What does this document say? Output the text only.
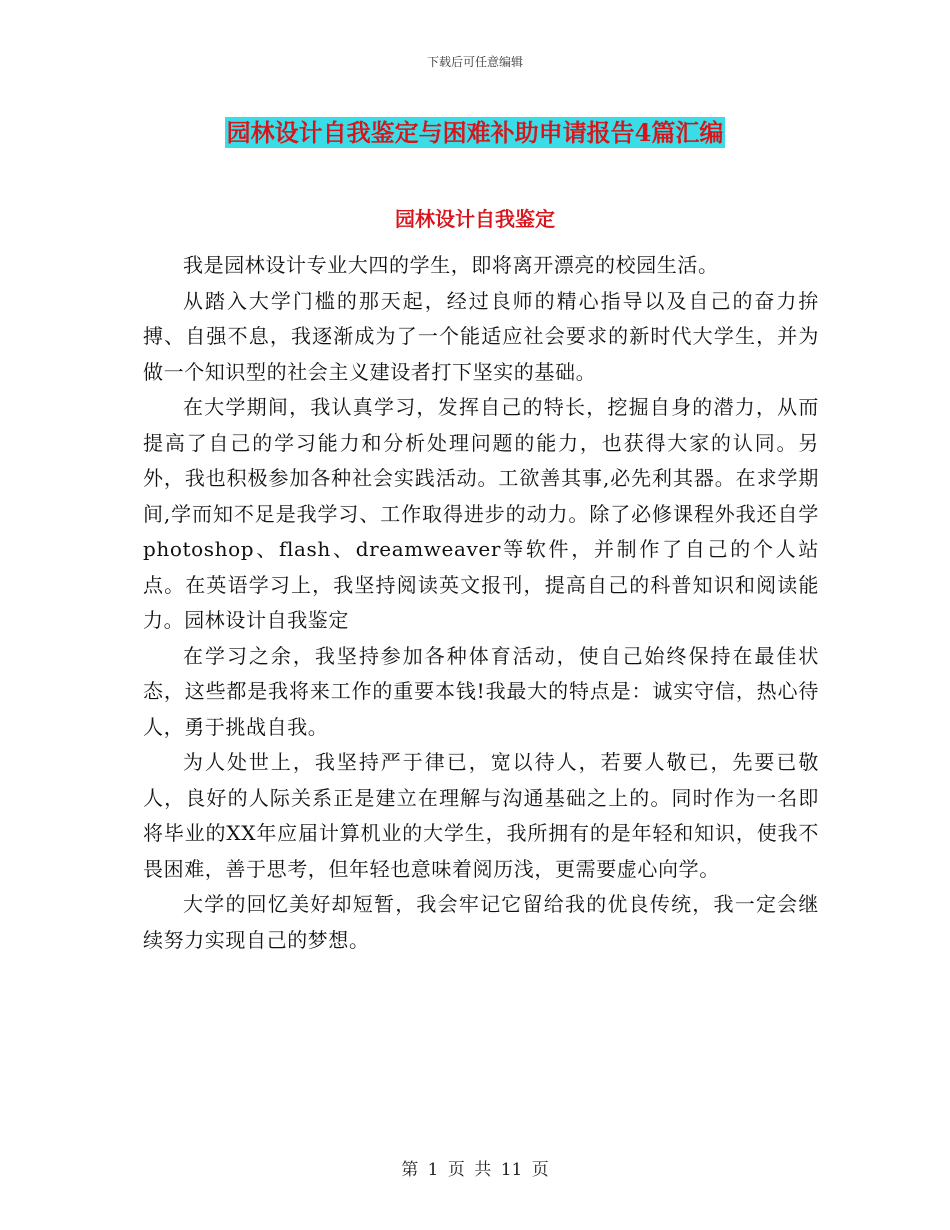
下载后可任意编辑
园林设计自我鉴定与困难补助申请报告4篇汇编
园林设计自我鉴定

我是园林设计专业大四的学生，即将离开漂亮的校园生活。

从踏入大学门槛的那天起，经过良师的精心指导以及自己的奋力拚搏、自强不息，我逐渐成为了一个能适应社会要求的新时代大学生，并为做一个知识型的社会主义建设者打下坚实的基础。

在大学期间，我认真学习，发挥自己的特长，挖掘自身的潜力，从而提高了自己的学习能力和分析处理问题的能力，也获得大家的认同。另外，我也积极参加各种社会实践活动。工欲善其事,必先利其器。在求学期间,学而知不足是我学习、工作取得进步的动力。除了必修课程外我还自学photoshop、flash、dreamweaver等软件，并制作了自己的个人站点。在英语学习上，我坚持阅读英文报刊，提高自己的科普知识和阅读能力。园林设计自我鉴定

在学习之余，我坚持参加各种体育活动，使自己始终保持在最佳状态，这些都是我将来工作的重要本钱!我最大的特点是：诚实守信，热心待人，勇于挑战自我。

为人处世上，我坚持严于律已，宽以待人，若要人敬已，先要已敬人，良好的人际关系正是建立在理解与沟通基础之上的。同时作为一名即将毕业的XX年应届计算机业的大学生，我所拥有的是年轻和知识，使我不畏困难，善于思考，但年轻也意味着阅历浅，更需要虚心向学。

大学的回忆美好却短暂，我会牢记它留给我的优良传统，我一定会继续努力实现自己的梦想。

第 1 页 共 11 页
